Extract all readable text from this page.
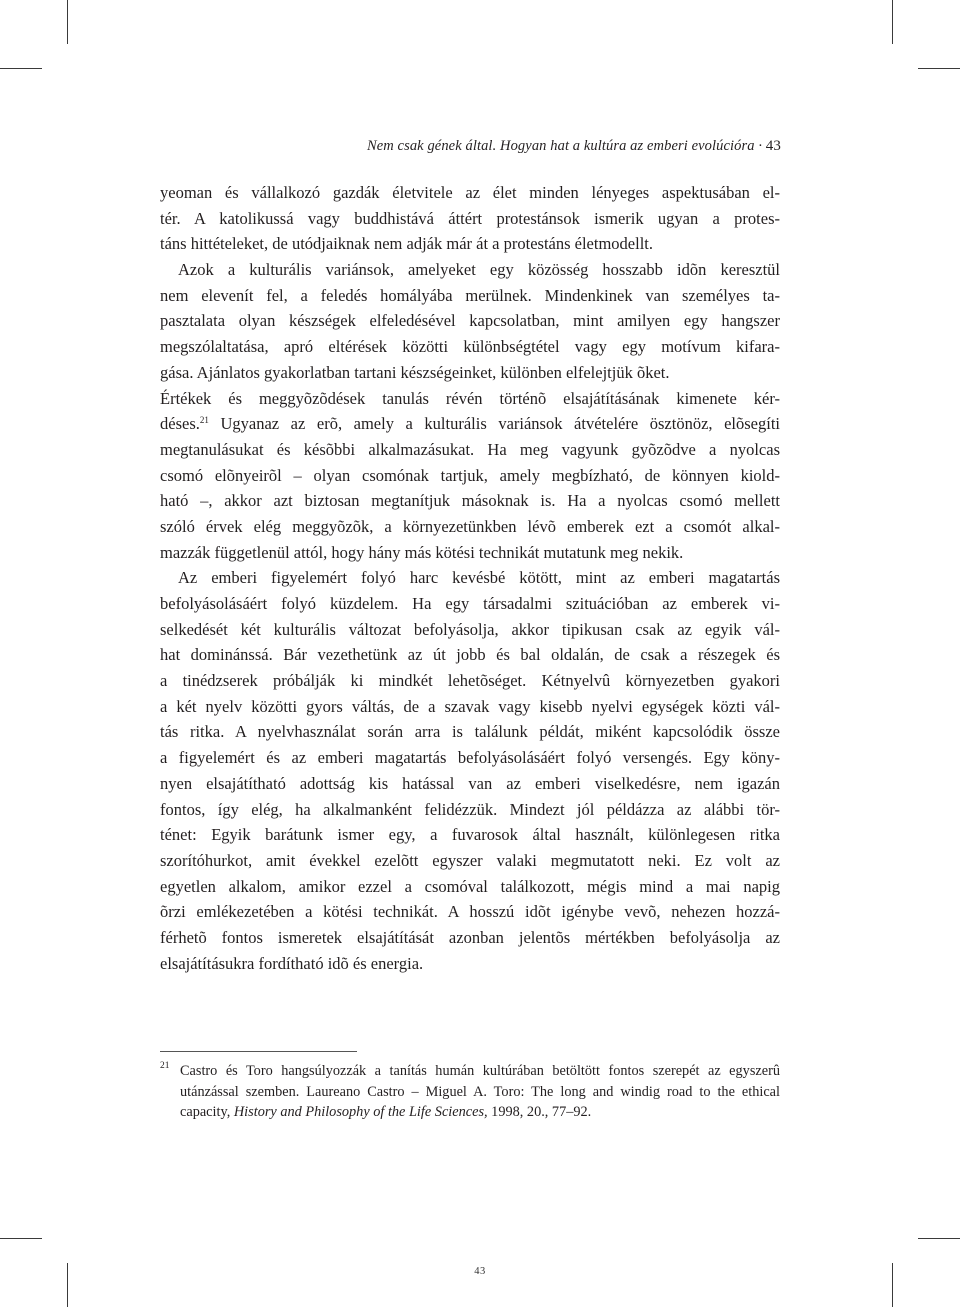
Nem csak gének által. Hogyan hat a kultúra az emberi evolúcióra · 43
yeoman és vállalkozó gazdák életvitele az élet minden lényeges aspektusában el-
tér. A katolikussá vagy buddhistává áttért protestánsok ismerik ugyan a protes-
táns hittételeket, de utódjaiknak nem adják már át a protestáns életmodellt.
Azok a kulturális variánsok, amelyeket egy közösség hosszabb idõn keresztül
nem elevenít fel, a feledés homályába merülnek. Mindenkinek van személyes ta-
pasztalata olyan készségek elfeledésével kapcsolatban, mint amilyen egy hangszer
megszólaltatása, apró eltérések közötti különbségtétel vagy egy motívum kifara-
gása. Ajánlatos gyakorlatban tartani készségeinket, különben elfelejtjük õket.
Értékek és meggyõzõdések tanulás révén történõ elsajátításának kimenete kér-
déses.$^{21}$ Ugyanaz az erõ, amely a kulturális variánsok átvételére ösztönöz, elõsegíti
megtanulásukat és késõbbi alkalmazásukat. Ha meg vagyunk gyõzõdve a nyolcas
csomó elõnyeirõl – olyan csomónak tartjuk, amely megbízható, de könnyen kiold-
ható –, akkor azt biztosan megtanítjuk másoknak is. Ha a nyolcas csomó mellett
szóló érvek elég meggyõzõk, a környezetünkben lévõ emberek ezt a csomót alkal-
mazzák függetlenül attól, hogy hány más kötési technikát mutatunk meg nekik.
Az emberi figyelemért folyó harc kevésbé kötött, mint az emberi magatartás
befolyásolásáért folyó küzdelem. Ha egy társadalmi szituációban az emberek vi-
selkedését két kulturális változat befolyásolja, akkor tipikusan csak az egyik vál-
hat dominánssá. Bár vezethetünk az út jobb és bal oldalán, de csak a részegek és
a tinédzserek próbálják ki mindkét lehetõséget. Kétnyelvû környezetben gyakori
a két nyelv közötti gyors váltás, de a szavak vagy kisebb nyelvi egységek közti vál-
tás ritka. A nyelvhasználat során arra is találunk példát, miként kapcsolódik össze
a figyelemért és az emberi magatartás befolyásolásáért folyó versengés. Egy köny-
nyen elsajátítható adottság kis hatással van az emberi viselkedésre, nem igazán
fontos, így elég, ha alkalmanként felidézzük. Mindezt jól példázza az alábbi tör-
ténet: Egyik barátunk ismer egy, a fuvarosok által használt, különlegesen ritka
szorítóhurkot, amit évekkel ezelõtt egyszer valaki megmutatott neki. Ez volt az
egyetlen alkalom, amikor ezzel a csomóval találkozott, mégis mind a mai napig
õrzi emlékezetében a kötési technikát. A hosszú idõt igénybe vevõ, nehezen hozzá-
férhetõ fontos ismeretek elsajátítását azonban jelentõs mértékben befolyásolja az
elsajátításukra fordítható idõ és energia.
21 Castro és Toro hangsúlyozzák a tanítás humán kultúrában betöltött fontos szerepét az egyszerû
utánzással szemben. Laureano Castro – Miguel A. Toro: The long and windig road to the ethical
capacity, History and Philosophy of the Life Sciences, 1998, 20., 77–92.
43
